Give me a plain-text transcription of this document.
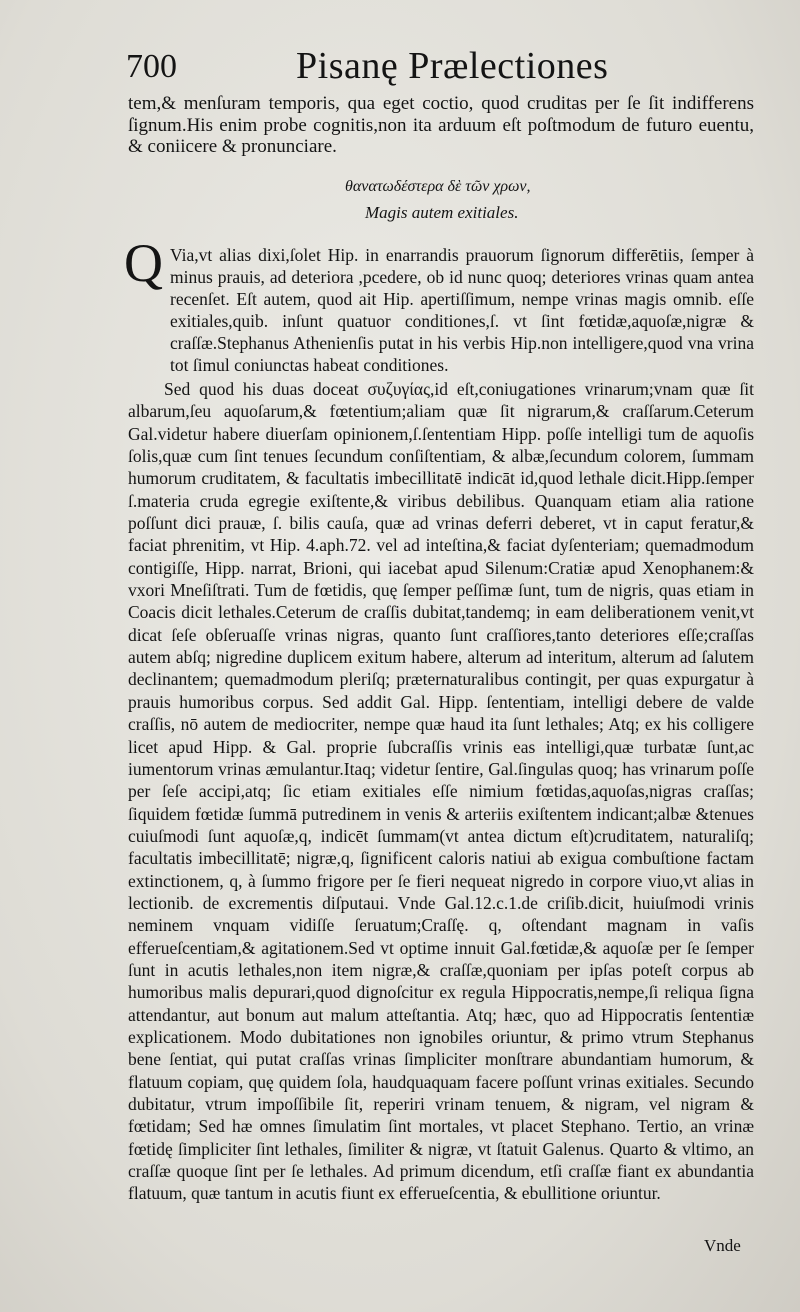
700	Pisanę Prælectiones
tem,& menſuram temporis, qua eget coctio, quod cruditas per ſe ſit indifferens ſignum.His enim probe cognitis,non ita arduum eſt poſtmodum de futuro euentu, & coniicere & pronunciare.
θανατωδέστερα δὲ τῶν χρων,
Magis autem exitiales.
Q Via,vt alias dixi,ſolet Hip. in enarrandis prauorum ſignorum differētiis, ſemper à minus prauis, ad deteriora ,pcedere, ob id nunc quoq; deteriores vrinas quam antea recenſet. Eſt autem, quod ait Hip. apertiſſimum, nempe vrinas magis omnib. eſſe exitiales,quib. inſunt quatuor conditiones,ſ. vt ſint fœtidæ,aquoſæ,nigræ & craſſæ.Stephanus Athenienſis putat in his verbis Hip.non intelligere,quod vna vrina tot ſimul coniunctas habeat conditiones.
Sed quod his duas doceat συζυγίας,id eſt,coniugationes vrinarum;vnam quæ ſit albarum,ſeu aquoſarum,& fœtentium;aliam quæ ſit nigrarum,& craſſarum.Ceterum Gal.videtur habere diuerſam opinionem,ſ.ſententiam Hipp. poſſe intelligi tum de aquoſis ſolis,quæ cum ſint tenues ſecundum conſiſtentiam, & albæ,ſecundum colorem, ſummam humorum cruditatem, & facultatis imbecillitatē indicāt id,quod lethale dicit.Hipp.ſemper ſ.materia cruda egregie exiſtente,& viribus debilibus. Quanquam etiam alia ratione poſſunt dici prauæ, ſ. bilis cauſa, quæ ad vrinas deferri deberet, vt in caput feratur,& faciat phrenitim, vt Hip. 4.aph.72. vel ad inteſtina,& faciat dyſenteriam; quemadmodum contigiſſe, Hipp. narrat, Brioni, qui iacebat apud Silenum:Cratiæ apud Xenophanem:& vxori Mneſiſtrati. Tum de fœtidis, quę ſemper peſſimæ ſunt, tum de nigris, quas etiam in Coacis dicit lethales.Ceterum de craſſis dubitat,tandemq; in eam deliberationem venit,vt dicat ſeſe obſeruaſſe vrinas nigras, quanto ſunt craſſiores,tanto deteriores eſſe;craſſas autem abſq; nigredine duplicem exitum habere, alterum ad interitum, alterum ad ſalutem declinantem; quemadmodum pleriſq; præternaturalibus contingit, per quas expurgatur à prauis humoribus corpus. Sed addit Gal. Hipp. ſententiam, intelligi debere de valde craſſis, nō autem de mediocriter, nempe quæ haud ita ſunt lethales; Atq; ex his colligere licet apud Hipp. & Gal. proprie ſubcraſſis vrinis eas intelligi,quæ turbatæ ſunt,ac iumentorum vrinas æmulantur.Itaq; videtur ſentire, Gal.ſingulas quoq; has vrinarum poſſe per ſeſe accipi,atq; ſic etiam exitiales eſſe nimium fœtidas,aquoſas,nigras craſſas; ſiquidem fœtidæ ſummā putredinem in venis & arteriis exiſtentem indicant;albæ &tenues cuiuſmodi ſunt aquoſæ,q, indicēt ſummam(vt antea dictum eſt)cruditatem, naturaliſq; facultatis imbecillitatē; nigræ,q, ſignificent caloris natiui ab exigua combuſtione factam extinctionem, q, à ſummo frigore per ſe fieri nequeat nigredo in corpore viuo,vt alias in lectionib. de excrementis diſputaui. Vnde Gal.12.c.1.de criſib.dicit, huiuſmodi vrinis neminem vnquam vidiſſe ſeruatum;Craſſę. q, oſtendant magnam in vaſis efferueſcentiam,& agitationem.Sed vt optime innuit Gal.fœtidæ,& aquoſæ per ſe ſemper ſunt in acutis lethales,non item nigræ,& craſſæ,quoniam per ipſas poteſt corpus ab humoribus malis depurari,quod dignoſcitur ex regula Hippocratis,nempe,ſi reliqua ſigna attendantur, aut bonum aut malum atteſtantia. Atq; hæc, quo ad Hippocratis ſententiæ explicationem. Modo dubitationes non ignobiles oriuntur, & primo vtrum Stephanus bene ſentiat, qui putat craſſas vrinas ſimpliciter monſtrare abundantiam humorum, & flatuum copiam, quę quidem ſola, haudquaquam facere poſſunt vrinas exitiales. Secundo dubitatur, vtrum impoſſibile ſit, reperiri vrinam tenuem, & nigram, vel nigram & fœtidam; Sed hæ omnes ſimulatim ſint mortales, vt placet Stephano. Tertio, an vrinæ fœtidę ſimpliciter ſint lethales, ſimiliter & nigræ, vt ſtatuit Galenus. Quarto & vltimo, an craſſæ quoque ſint per ſe lethales. Ad primum dicendum, etſi craſſæ fiant ex abundantia flatuum, quæ tantum in acutis fiunt ex efferueſcentia, & ebullitione oriuntur.
Vnde
